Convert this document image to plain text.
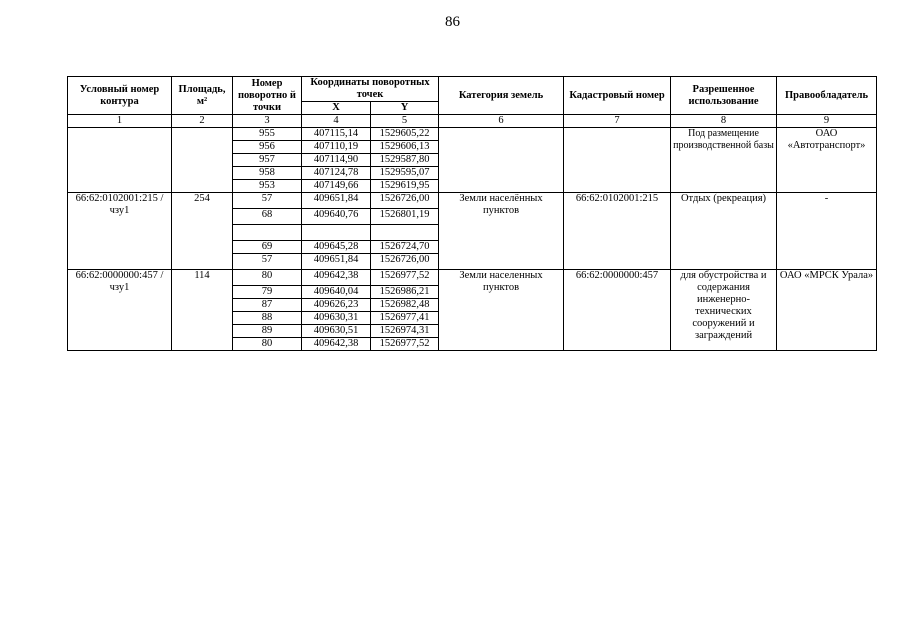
86
Условный номер контура	Площадь, м²	Номер поворотно й точки	Координаты поворотных точек		Категория земель	Кадастровый номер	Разрешенное использование	Правообладатель
			X	Y				
1	2	3	4	5	6	7	8	9
		955	407115,14	1529605,22			Под размещение производственной базы	ОАО «Автотранспорт»
		956	407110,19	1529606,13				
		957	407114,90	1529587,80				
		958	407124,78	1529595,07				
		953	407149,66	1529619,95				
66:62:0102001:215 /чзу1	254	57	409651,84	1526726,00	Земли населённых пунктов	66:62:0102001:215	Отдых (рекреация)	-
		68	409640,76	1526801,19				

		69	409645,28	1526724,70				
		57	409651,84	1526726,00				
66:62:0000000:457 /чзу1	114	80	409642,38	1526977,52	Земли населенных пунктов	66:62:0000000:457	для обустройства и содержания инженерно-технических сооружений и заграждений	ОАО «МРСК Урала»
		79	409640,04	1526986,21				
		87	409626,23	1526982,48				
		88	409630,31	1526977,41				
		89	409630,51	1526974,31				
		80	409642,38	1526977,52				
